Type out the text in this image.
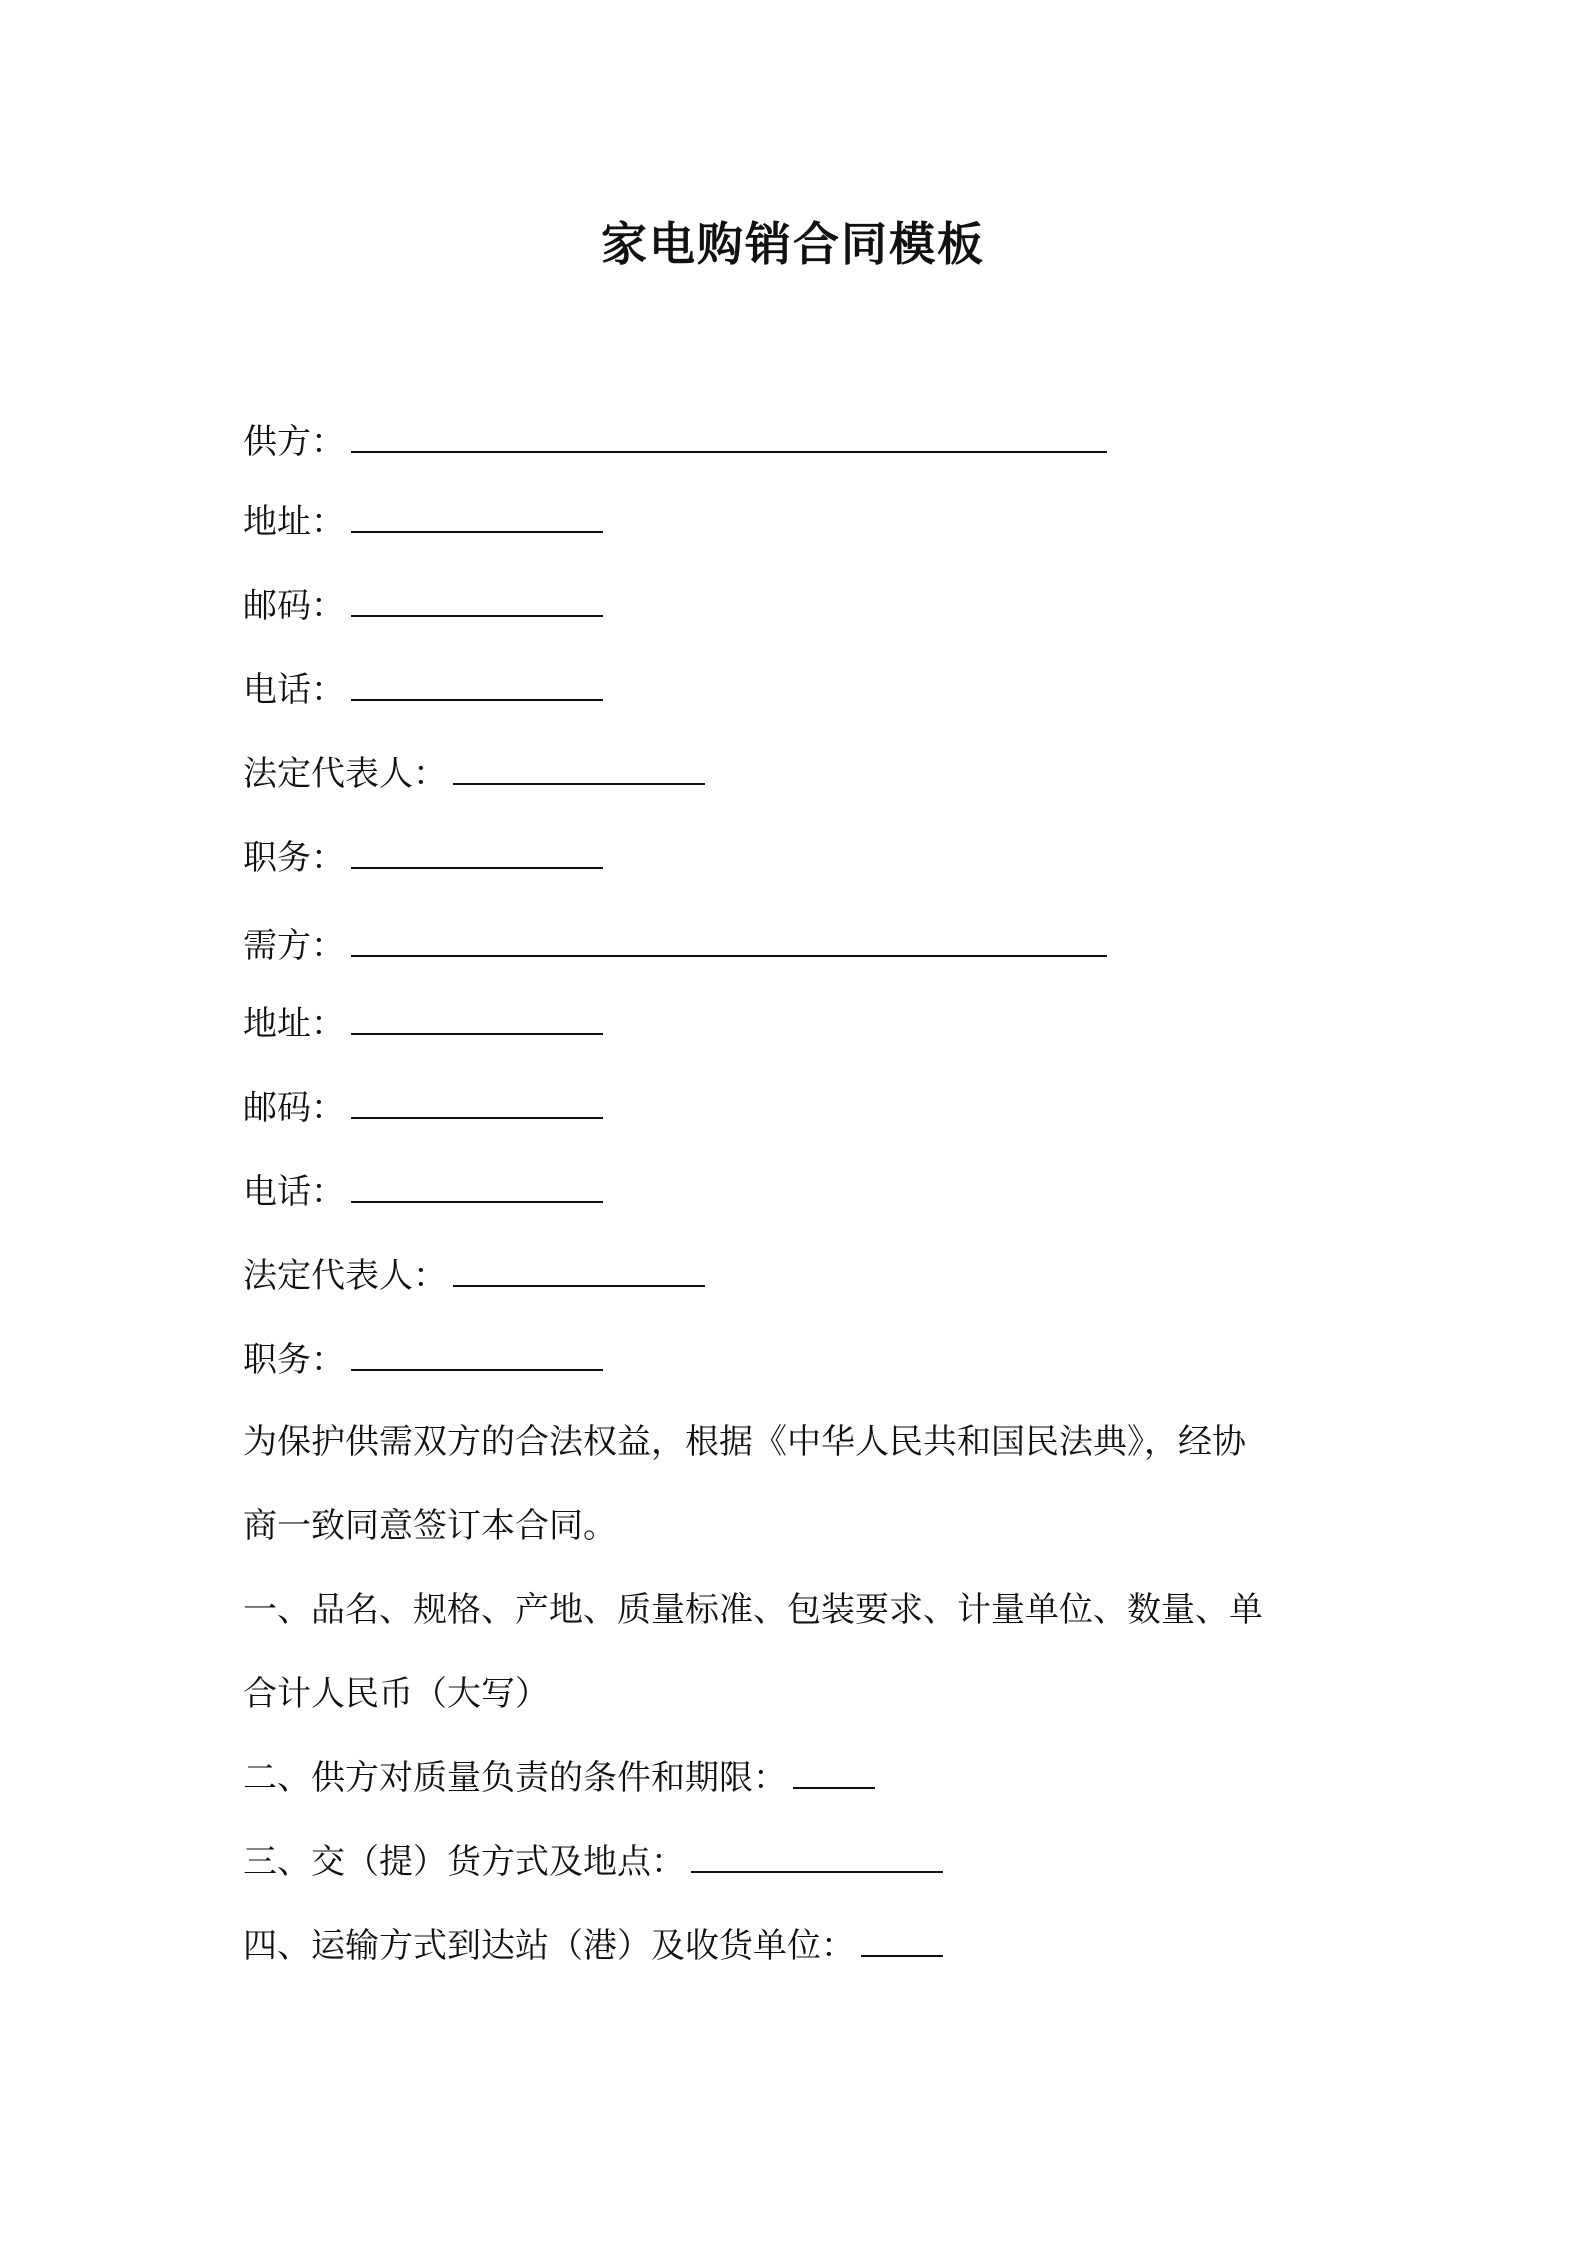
家电购销合同模板
供方：
地址：
邮码：
电话：
法定代表人：
职务：
需方：
地址：
邮码：
电话：
法定代表人：
职务：
为保护供需双方的合法权益，根据《中华人民共和国民法典》，经协
商一致同意签订本合同。
一、品名、规格、产地、质量标准、包装要求、计量单位、数量、单
合计人民币（大写）
二、供方对质量负责的条件和期限：
三、交（提）货方式及地点：
四、运输方式到达站（港）及收货单位：
